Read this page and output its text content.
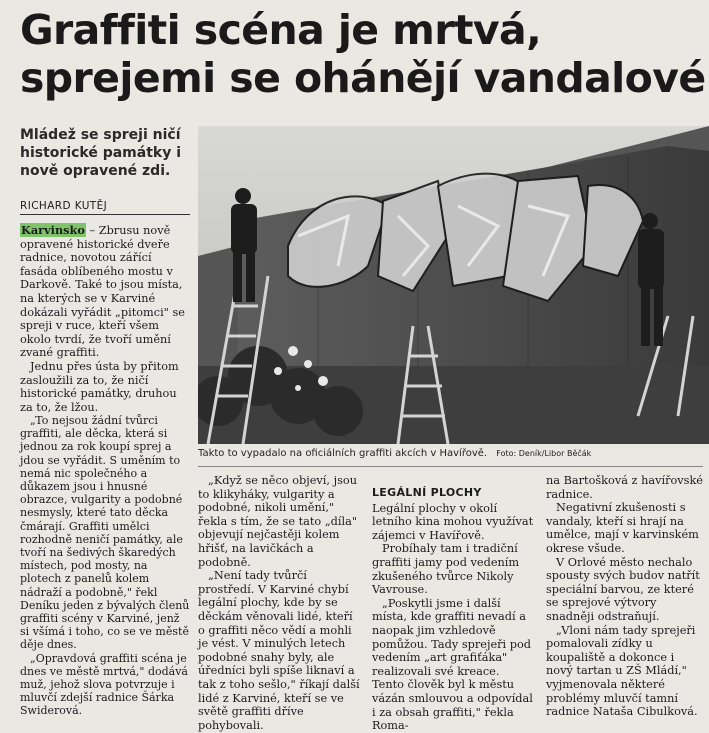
Graffiti scéna je mrtvá,
sprejemi se ohánějí vandalové
Mládež se spreji ničí historické památky i nově opravené zdi.
RICHARD KUTĚJ

Karvinsko – Zbrusu nově opravené historické dveře radnice, novotou zářící fasáda oblíbeného mostu v Darkově. Také to jsou místa, na kterých se v Karviné dokázali vyřádit „pitomci" se spreji v ruce, kteří všem okolo tvrdí, že tvoří umění zvané graffiti.

Jednu přes ústa by přitom zasloužili za to, že ničí historické památky, druhou za to, že lžou.

„To nejsou žádní tvůrci graffiti, ale děcka, která si jednou za rok koupí sprej a jdou se vyřádit. S uměním to nemá nic společného a důkazem jsou i hnusné obrazce, vulgarity a podobné nesmysly, které tato děcka čmárají. Graffiti umělci rozhodně neničí památky, ale tvoří na šedivých škaredých místech, pod mosty, na plotech z panelů kolem nádraží a podobně," řekl Deníku jeden z bývalých členů graffiti scény v Karviné, jenž si všímá i toho, co se ve městě děje dnes.

„Opravdová graffiti scéna je dnes ve městě mrtvá," dodává muž, jehož slova potvrzuje i mluvčí zdejší radnice Šárka Swiderová.

Takto to vypadalo na oficiálních graffiti akcích v Havířově. Foto: Deník/Libor Běčák

„Když se něco objeví, jsou to klikyháky, vulgarity a podobné, nikoli umění," řekla s tím, že se tato „díla" objevují nejčastěji kolem hřišť, na lavičkách a podobně.

„Není tady tvůrčí prostředí. V Karviné chybí legální plochy, kde by se děckám věnovali lidé, kteří o graffiti něco vědí a mohli je vést. V minulých letech podobné snahy byly, ale úředníci byli spíše liknaví a tak z toho sešlo," říkají další lidé z Karviné, kteří se ve světě graffiti dříve pohybovali.

LEGÁLNÍ PLOCHY

Legální plochy v okolí letního kina mohou využívat zájemci v Havířově.

Probíhaly tam i tradiční graffiti jamy pod vedením zkušeného tvůrce Nikoly Vavrouse.

„Poskytli jsme i další místa, kde graffiti nevadí a naopak jim vzhledově pomůžou. Tady sprejeři pod vedením „art grafiťáka" realizovali své kreace. Tento člověk byl k městu vázán smlouvou a odpovídal i za obsah graffiti," řekla Roma-

na Bartošková z havířovské radnice.

Negativní zkušenosti s vandaly, kteří si hrají na umělce, mají v karvinském okrese všude.

V Orlové město nechalo spousty svých budov natřít speciální barvou, ze které se sprejové výtvory snadněji odstraňují.

„Vloni nám tady sprejeři pomalovali zídky u koupaliště a dokonce i nový tartan u ZŠ Mládí," vyjmenovala některé problémy mluvčí tamní radnice Nataša Cibulková.
